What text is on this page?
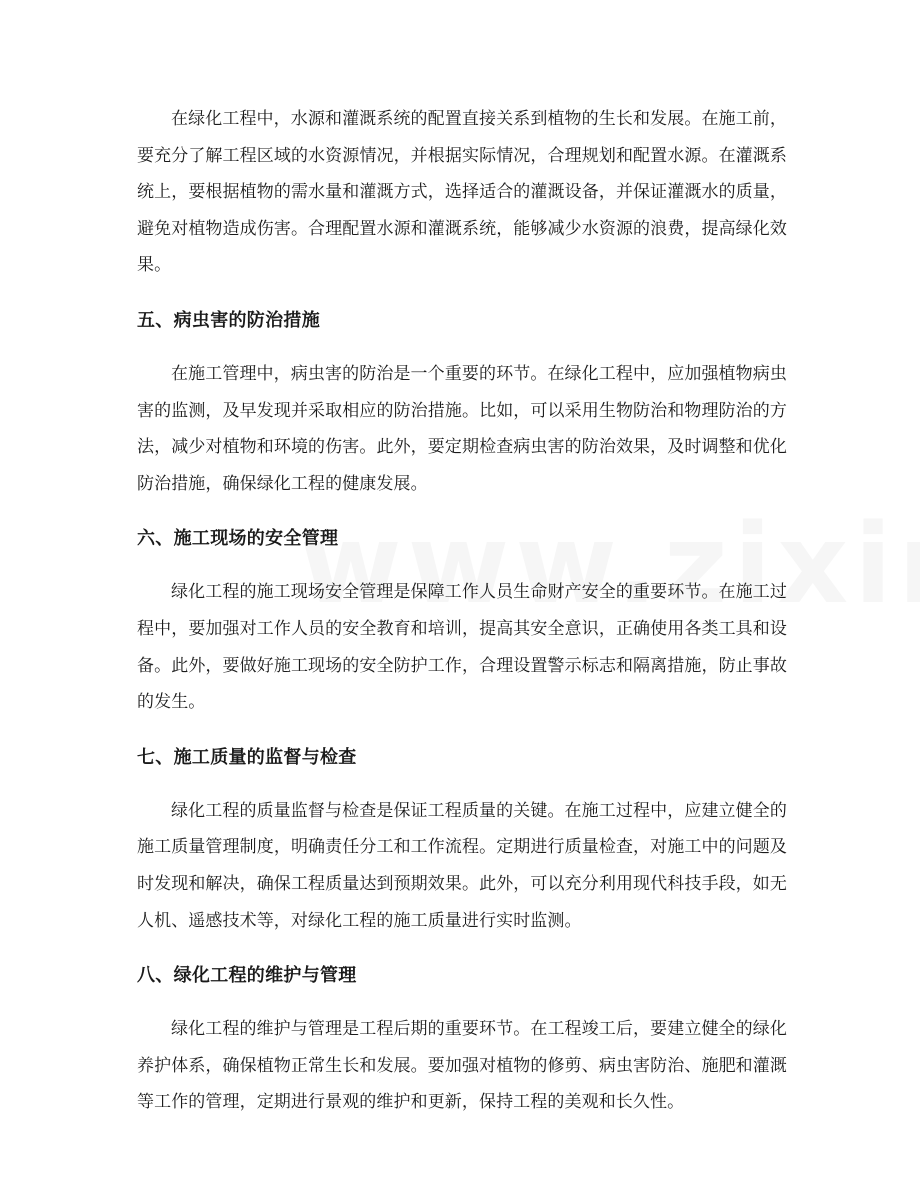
在绿化工程中，水源和灌溉系统的配置直接关系到植物的生长和发展。在施工前，要充分了解工程区域的水资源情况，并根据实际情况，合理规划和配置水源。在灌溉系统上，要根据植物的需水量和灌溉方式，选择适合的灌溉设备，并保证灌溉水的质量，避免对植物造成伤害。合理配置水源和灌溉系统，能够减少水资源的浪费，提高绿化效果。

五、病虫害的防治措施

在施工管理中，病虫害的防治是一个重要的环节。在绿化工程中，应加强植物病虫害的监测，及早发现并采取相应的防治措施。比如，可以采用生物防治和物理防治的方法，减少对植物和环境的伤害。此外，要定期检查病虫害的防治效果，及时调整和优化防治措施，确保绿化工程的健康发展。

六、施工现场的安全管理

绿化工程的施工现场安全管理是保障工作人员生命财产安全的重要环节。在施工过程中，要加强对工作人员的安全教育和培训，提高其安全意识，正确使用各类工具和设备。此外，要做好施工现场的安全防护工作，合理设置警示标志和隔离措施，防止事故的发生。

七、施工质量的监督与检查

绿化工程的质量监督与检查是保证工程质量的关键。在施工过程中，应建立健全的施工质量管理制度，明确责任分工和工作流程。定期进行质量检查，对施工中的问题及时发现和解决，确保工程质量达到预期效果。此外，可以充分利用现代科技手段，如无人机、遥感技术等，对绿化工程的施工质量进行实时监测。

八、绿化工程的维护与管理

绿化工程的维护与管理是工程后期的重要环节。在工程竣工后，要建立健全的绿化养护体系，确保植物正常生长和发展。要加强对植物的修剪、病虫害防治、施肥和灌溉等工作的管理，定期进行景观的维护和更新，保持工程的美观和长久性。
